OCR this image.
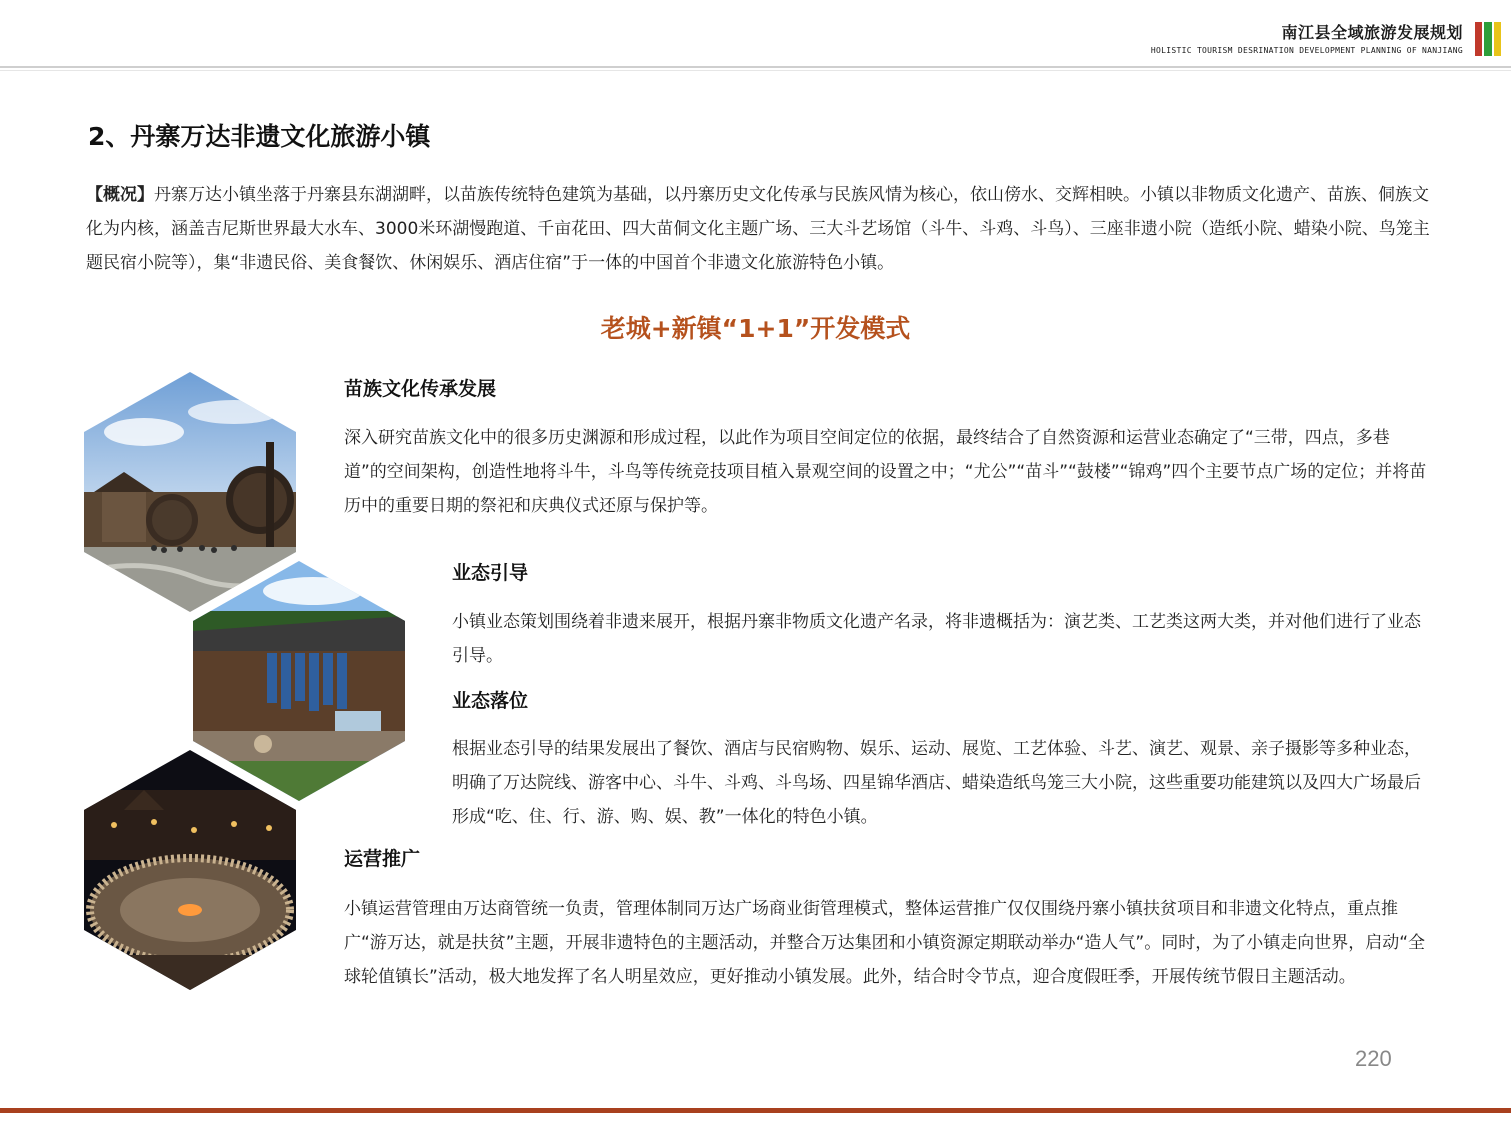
南江县全域旅游发展规划
HOLISTIC TOURISM DESRINATION DEVELOPMENT PLANNING OF NANJIANG
2、丹寨万达非遗文化旅游小镇
【概况】丹寨万达小镇坐落于丹寨县东湖湖畔，以苗族传统特色建筑为基础，以丹寨历史文化传承与民族风情为核心，依山傍水、交辉相映。小镇以非物质文化遗产、苗族、侗族文化为内核，涵盖吉尼斯世界最大水车、3000米环湖慢跑道、千亩花田、四大苗侗文化主题广场、三大斗艺场馆（斗牛、斗鸡、斗鸟）、三座非遗小院（造纸小院、蜡染小院、鸟笼主题民宿小院等），集“非遗民俗、美食餐饮、休闲娱乐、酒店住宿”于一体的中国首个非遗文化旅游特色小镇。
老城+新镇“1+1”开发模式
苗族文化传承发展
深入研究苗族文化中的很多历史渊源和形成过程，以此作为项目空间定位的依据，最终结合了自然资源和运营业态确定了“三带，四点，多巷道”的空间架构，创造性地将斗牛，斗鸟等传统竞技项目植入景观空间的设置之中；“尤公”“苗斗”“鼓楼”“锦鸡”四个主要节点广场的定位；并将苗历中的重要日期的祭祀和庆典仪式还原与保护等。
业态引导
小镇业态策划围绕着非遗来展开，根据丹寨非物质文化遗产名录，将非遗概括为：演艺类、工艺类这两大类，并对他们进行了业态引导。
业态落位
根据业态引导的结果发展出了餐饮、酒店与民宿购物、娱乐、运动、展览、工艺体验、斗艺、演艺、观景、亲子摄影等多种业态，明确了万达院线、游客中心、斗牛、斗鸡、斗鸟场、四星锦华酒店、蜡染造纸鸟笼三大小院，这些重要功能建筑以及四大广场最后形成“吃、住、行、游、购、娱、教”一体化的特色小镇。
运营推广
小镇运营管理由万达商管统一负责，管理体制同万达广场商业街管理模式，整体运营推广仅仅围绕丹寨小镇扶贫项目和非遗文化特点，重点推广“游万达，就是扶贫”主题，开展非遗特色的主题活动，并整合万达集团和小镇资源定期联动举办“造人气”。同时，为了小镇走向世界，启动“全球轮值镇长”活动，极大地发挥了名人明星效应，更好推动小镇发展。此外，结合时令节点，迎合度假旺季，开展传统节假日主题活动。
220
